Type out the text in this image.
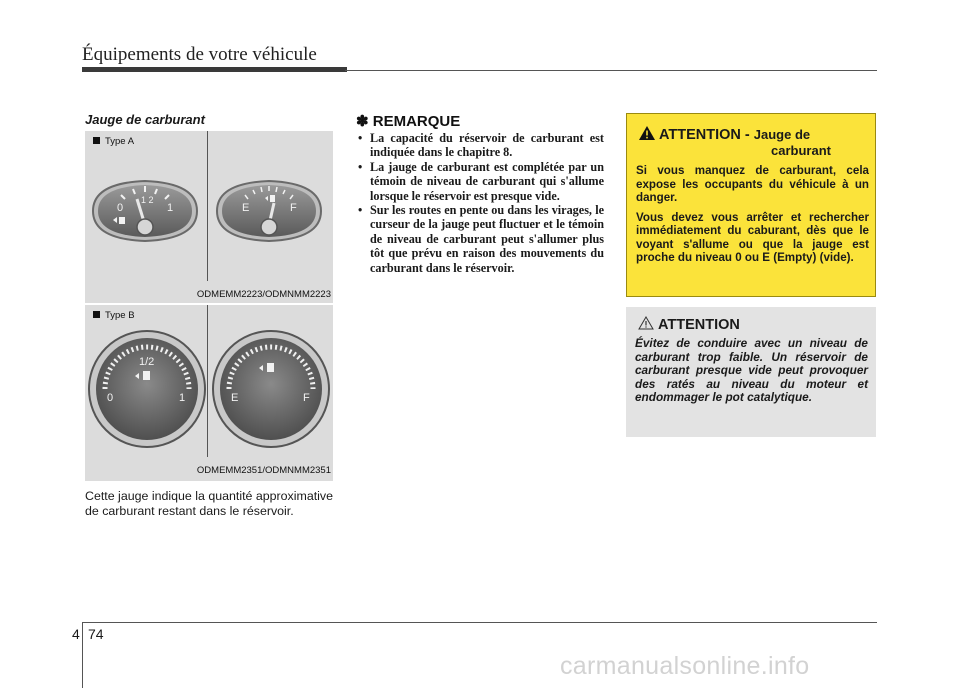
Équipements de votre véhicule
Jauge de carburant
Type A
0
1 2
1	E	F
ODMEMM2223/ODMNMM2223
Type B
1/2
0	1	E	F
ODMEMM2351/ODMNMM2351
Cette jauge indique la quantité approximative de carburant restant dans le réservoir.
✽ REMARQUE
• La capacité du réservoir de carburant est indiquée dans le chapitre 8.
• La jauge de carburant est complétée par un témoin de niveau de carburant qui s'allume lorsque le réservoir est presque vide.
• Sur les routes en pente ou dans les virages, le curseur de la jauge peut fluctuer et le témoin de niveau de carburant peut s'allumer plus tôt que prévu en raison des mouvements du carburant dans le réservoir.
ATTENTION - Jauge de
carburant

Si vous manquez de carburant, cela expose les occupants du véhicule à un danger.

Vous devez vous arrêter et rechercher immédiatement du caburant, dès que le voyant s'allume ou que la jauge est proche du niveau 0 ou E (Empty) (vide).

ATTENTION
Évitez de conduire avec un niveau de carburant trop faible. Un réservoir de carburant presque vide peut provoquer des ratés au niveau du moteur et endommager le pot catalytique.
4 74
carmanualsonline.info
